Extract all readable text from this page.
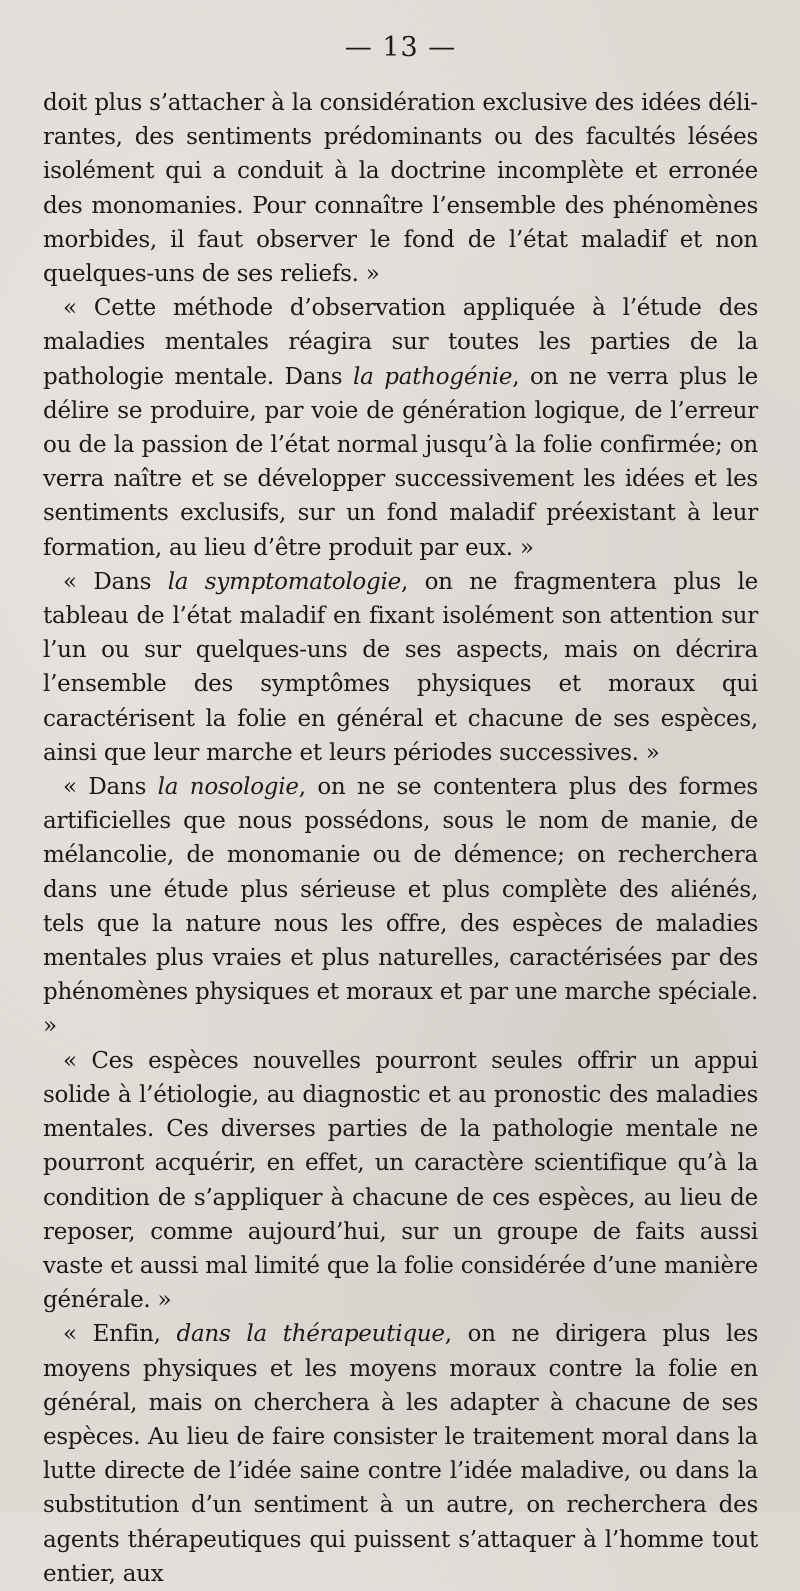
— 13 —

doit plus s’attacher à la considération exclusive des idées délirantes, des sentiments prédominants ou des facultés lésées isolément qui a conduit à la doctrine incomplète et erronée des monomanies. Pour connaître l’ensemble des phénomènes morbides, il faut observer le fond de l’état maladif et non quelques-uns de ses reliefs. »

« Cette méthode d’observation appliquée à l’étude des maladies mentales réagira sur toutes les parties de la pathologie mentale. Dans la pathogénie, on ne verra plus le délire se produire, par voie de génération logique, de l’erreur ou de la passion de l’état normal jusqu’à la folie confirmée; on verra naître et se développer successivement les idées et les sentiments exclusifs, sur un fond maladif préexistant à leur formation, au lieu d’être produit par eux. »

« Dans la symptomatologie, on ne fragmentera plus le tableau de l’état maladif en fixant isolément son attention sur l’un ou sur quelques-uns de ses aspects, mais on décrira l’ensemble des symptômes physiques et moraux qui caractérisent la folie en général et chacune de ses espèces, ainsi que leur marche et leurs périodes successives. »

« Dans la nosologie, on ne se contentera plus des formes artificielles que nous possédons, sous le nom de manie, de mélancolie, de monomanie ou de démence; on recherchera dans une étude plus sérieuse et plus complète des aliénés, tels que la nature nous les offre, des espèces de maladies mentales plus vraies et plus naturelles, caractérisées par des phénomènes physiques et moraux et par une marche spéciale. »

« Ces espèces nouvelles pourront seules offrir un appui solide à l’étiologie, au diagnostic et au pronostic des maladies mentales. Ces diverses parties de la pathologie mentale ne pourront acquérir, en effet, un caractère scientifique qu’à la condition de s’appliquer à chacune de ces espèces, au lieu de reposer, comme aujourd’hui, sur un groupe de faits aussi vaste et aussi mal limité que la folie considérée d’une manière générale. »

« Enfin, dans la thérapeutique, on ne dirigera plus les moyens physiques et les moyens moraux contre la folie en général, mais on cherchera à les adapter à chacune de ses espèces. Au lieu de faire consister le traitement moral dans la lutte directe de l’idée saine contre l’idée maladive, ou dans la substitution d’un sentiment à un autre, on recherchera des agents thérapeutiques qui puissent s’attaquer à l’homme tout entier, aux
